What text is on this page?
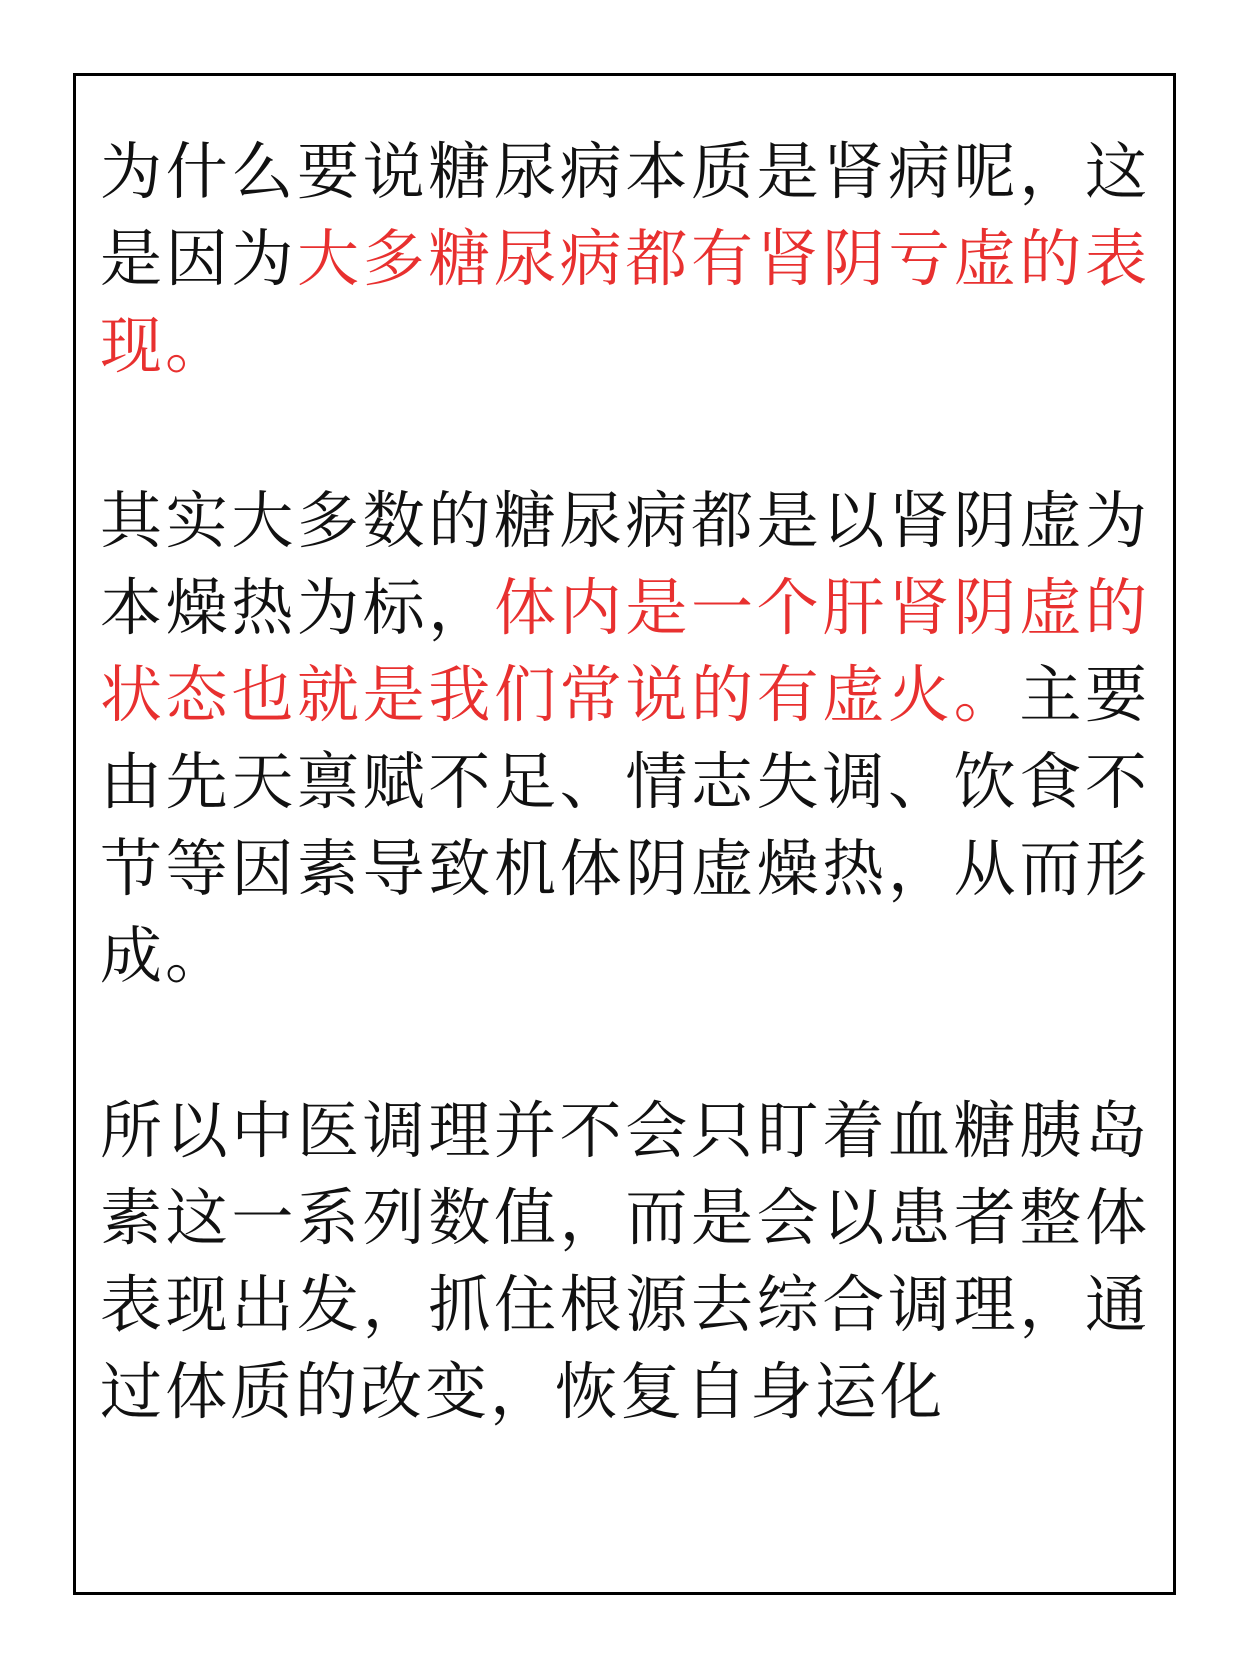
为什么要说糖尿病本质是肾病呢，这是因为大多糖尿病都有肾阴亏虚的表现。

其实大多数的糖尿病都是以肾阴虚为本燥热为标，体内是一个肝肾阴虚的状态也就是我们常说的有虚火。主要由先天禀赋不足、情志失调、饮食不节等因素导致机体阴虚燥热，从而形成。

所以中医调理并不会只盯着血糖胰岛素这一系列数值，而是会以患者整体表现出发，抓住根源去综合调理，通过体质的改变，恢复自身运化
